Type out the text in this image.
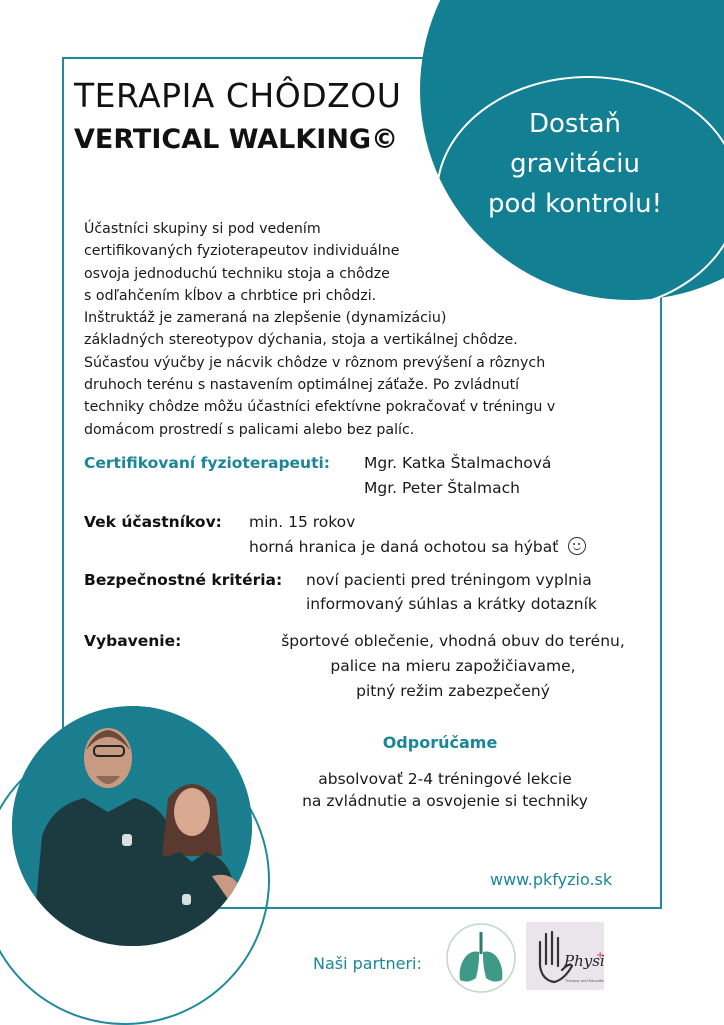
Dostaň
gravitáciu
pod kontrolu!
TERAPIA CHÔDZOU
VERTICAL WALKING©
Účastníci skupiny si pod vedením
certifikovaných fyzioterapeutov individuálne
osvoja jednoduchú techniku stoja a chôdze
s odľahčením kĺbov a chrbtice pri chôdzi.
Inštruktáž je zameraná na zlepšenie (dynamizáciu)
základných stereotypov dýchania, stoja a vertikálnej chôdze.
Súčasťou výučby je nácvik chôdze v rôznom prevýšení a rôznych
druhoch terénu s nastavením optimálnej záťaže. Po zvládnutí
techniky chôdze môžu účastníci efektívne pokračovať v tréningu v
domácom prostredí s palicami alebo bez palíc.
Certifikovaní fyzioterapeuti: Mgr. Katka Štalmachová
Mgr. Peter Štalmach
Vek účastníkov: min. 15 rokov
horná hranica je daná ochotou sa hýbať
Bezpečnostné kritéria: noví pacienti pred tréningom vyplnia
informovaný súhlas a krátky dotazník
Vybavenie:	športové oblečenie, vhodná obuv do terénu,
palice na mieru zapožičiavame,
pitný režim zabezpečený
Odporúčame
absolvovať 2-4 tréningové lekcie
na zvládnutie a osvojenie si techniky
www.pkfyzio.sk
Naši partneri:	Phys
+
Therapy and Educati
